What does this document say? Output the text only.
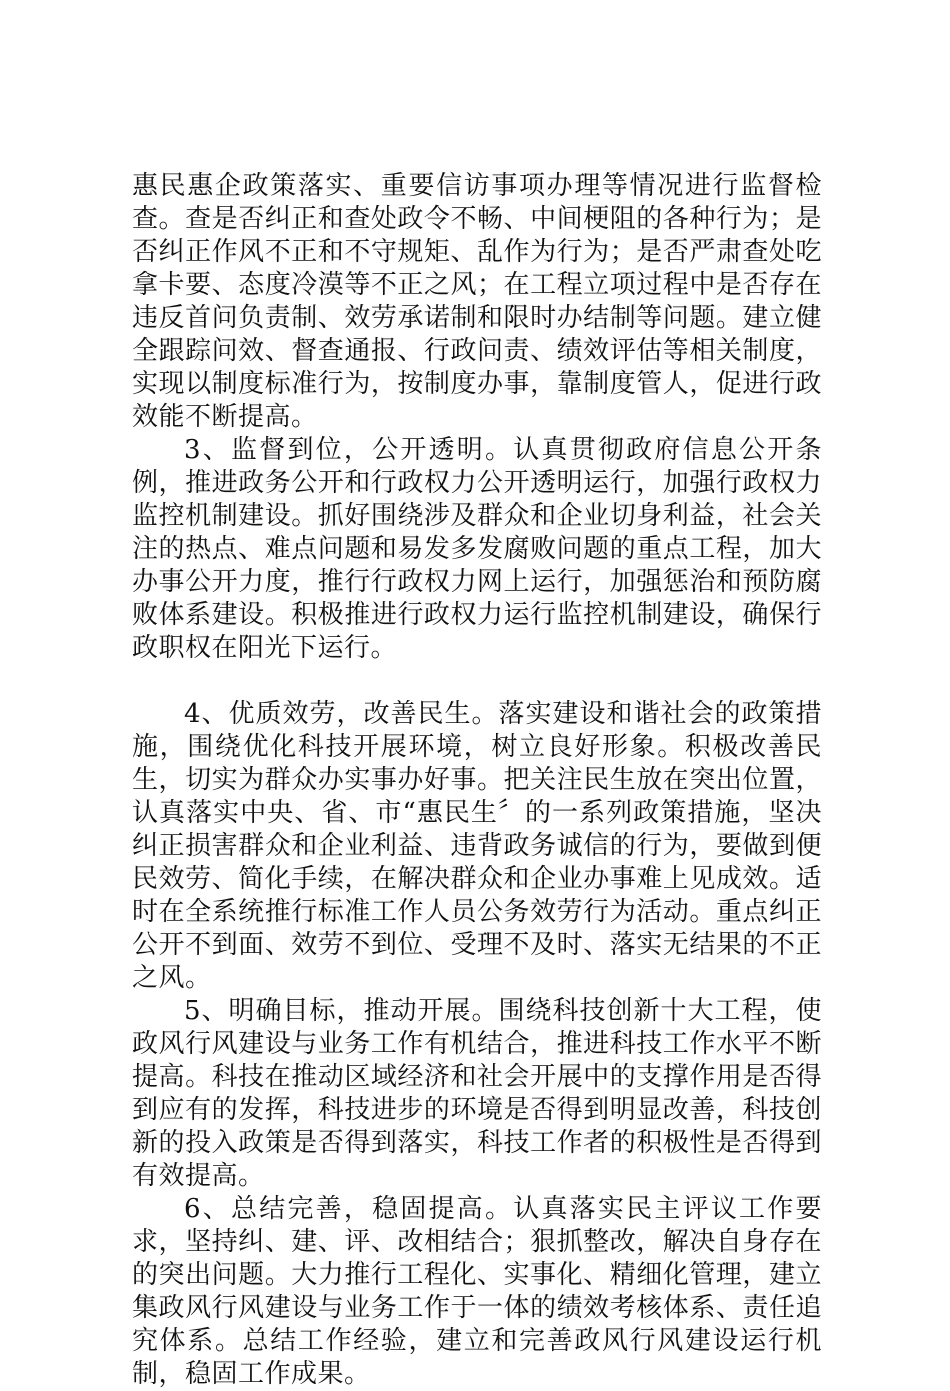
惠民惠企政策落实、重要信访事项办理等情况进行监督检查。查是否纠正和查处政令不畅、中间梗阻的各种行为；是否纠正作风不正和不守规矩、乱作为行为；是否严肃查处吃拿卡要、态度冷漠等不正之风；在工程立项过程中是否存在违反首问负责制、效劳承诺制和限时办结制等问题。建立健全跟踪问效、督查通报、行政问责、绩效评估等相关制度，实现以制度标准行为，按制度办事，靠制度管人，促进行政效能不断提高。

3、监督到位，公开透明。认真贯彻政府信息公开条例，推进政务公开和行政权力公开透明运行，加强行政权力监控机制建设。抓好围绕涉及群众和企业切身利益，社会关注的热点、难点问题和易发多发腐败问题的重点工程，加大办事公开力度，推行行政权力网上运行，加强惩治和预防腐败体系建设。积极推进行政权力运行监控机制建设，确保行政职权在阳光下运行。

4、优质效劳，改善民生。落实建设和谐社会的政策措施，围绕优化科技开展环境，树立良好形象。积极改善民生，切实为群众办实事办好事。把关注民生放在突出位置，认真落实中央、省、市“惠民生〞的一系列政策措施，坚决纠正损害群众和企业利益、违背政务诚信的行为，要做到便民效劳、简化手续，在解决群众和企业办事难上见成效。适时在全系统推行标准工作人员公务效劳行为活动。重点纠正公开不到面、效劳不到位、受理不及时、落实无结果的不正之风。

5、明确目标，推动开展。围绕科技创新十大工程，使政风行风建设与业务工作有机结合，推进科技工作水平不断提高。科技在推动区域经济和社会开展中的支撑作用是否得到应有的发挥，科技进步的环境是否得到明显改善，科技创新的投入政策是否得到落实，科技工作者的积极性是否得到有效提高。

6、总结完善，稳固提高。认真落实民主评议工作要求，坚持纠、建、评、改相结合；狠抓整改，解决自身存在的突出问题。大力推行工程化、实事化、精细化管理，建立集政风行风建设与业务工作于一体的绩效考核体系、责任追究体系。总结工作经验，建立和完善政风行风建设运行机制，稳固工作成果。
